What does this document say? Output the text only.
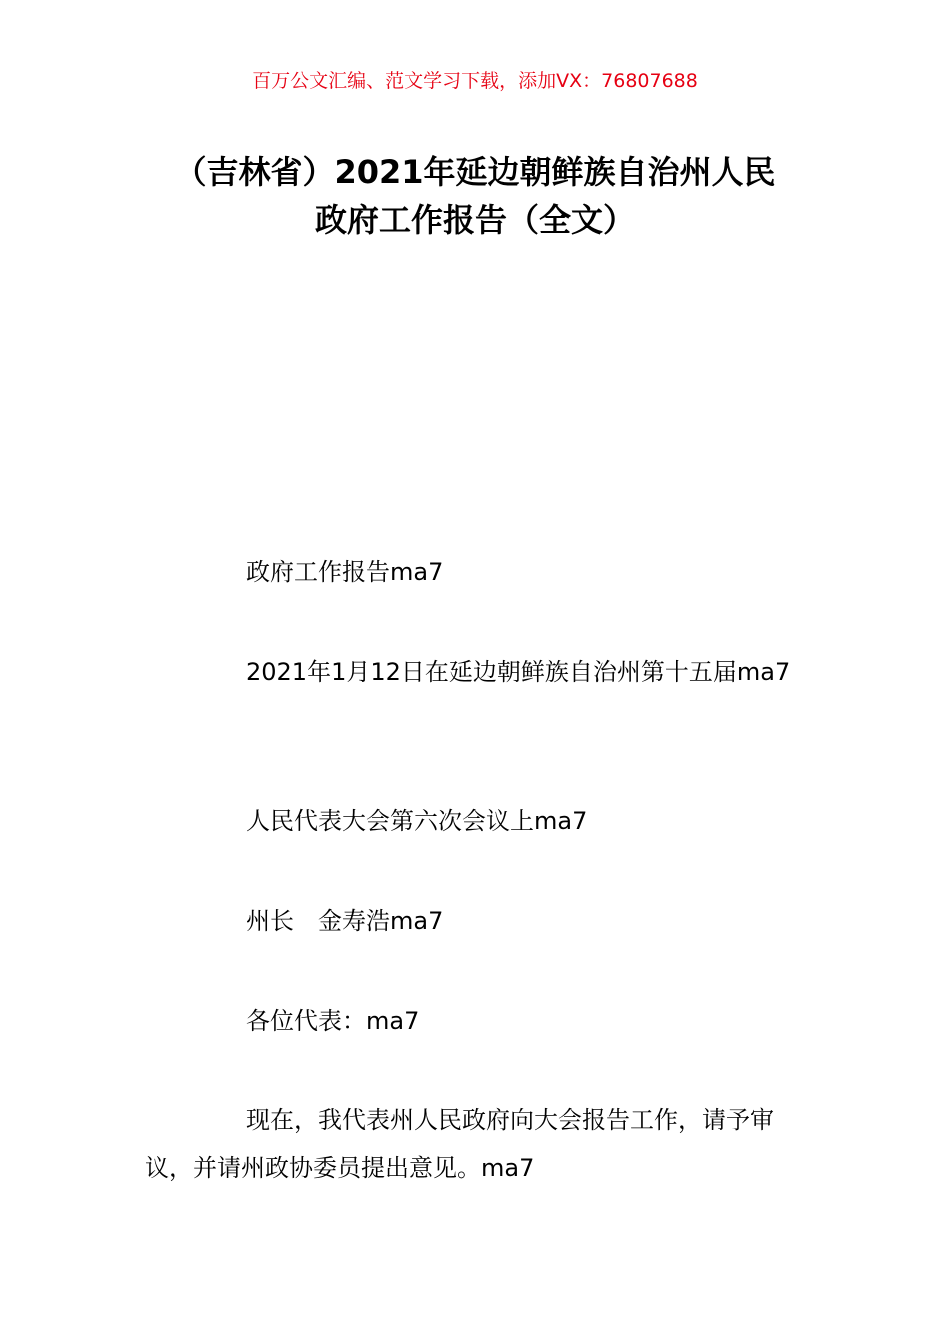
百万公文汇编、范文学习下载，添加VX：76807688
（吉林省）2021年延边朝鲜族自治州人民
政府工作报告（全文）

政府工作报告ma7

2021年1月12日在延边朝鲜族自治州第十五届ma7

人民代表大会第六次会议上ma7

州长　金寿浩ma7

各位代表：ma7

现在，我代表州人民政府向大会报告工作，请予审议，并请州政协委员提出意见。ma7
